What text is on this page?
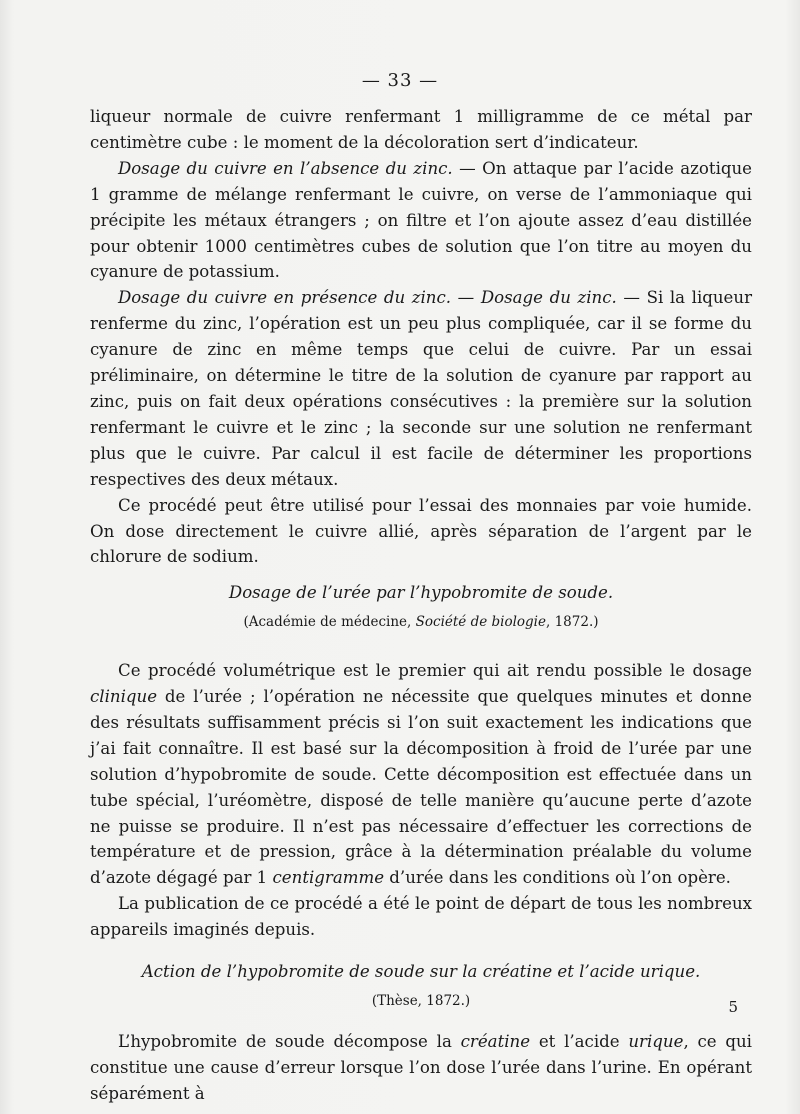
— 33 —

liqueur normale de cuivre renfermant 1 milligramme de ce métal par centimètre cube : le moment de la décoloration sert d’indicateur.

Dosage du cuivre en l’absence du zinc. — On attaque par l’acide azotique 1 gramme de mélange renfermant le cuivre, on verse de l’ammoniaque qui précipite les métaux étrangers ; on filtre et l’on ajoute assez d’eau distillée pour obtenir 1000 centimètres cubes de solution que l’on titre au moyen du cyanure de potassium.

Dosage du cuivre en présence du zinc. — Dosage du zinc. — Si la liqueur renferme du zinc, l’opération est un peu plus compliquée, car il se forme du cyanure de zinc en même temps que celui de cuivre. Par un essai préliminaire, on détermine le titre de la solution de cyanure par rapport au zinc, puis on fait deux opérations consécutives : la première sur la solution renfermant le cuivre et le zinc ; la seconde sur une solution ne renfermant plus que le cuivre. Par calcul il est facile de déterminer les proportions respectives des deux métaux.

Ce procédé peut être utilisé pour l’essai des monnaies par voie humide. On dose directement le cuivre allié, après séparation de l’argent par le chlorure de sodium.

Dosage de l’urée par l’hypobromite de soude.

(Académie de médecine, Société de biologie, 1872.)

Ce procédé volumétrique est le premier qui ait rendu possible le dosage clinique de l’urée ; l’opération ne nécessite que quelques minutes et donne des résultats suffisamment précis si l’on suit exactement les indications que j’ai fait connaître. Il est basé sur la décomposition à froid de l’urée par une solution d’hypobromite de soude. Cette décomposition est effectuée dans un tube spécial, l’uréomètre, disposé de telle manière qu’aucune perte d’azote ne puisse se produire. Il n’est pas nécessaire d’effectuer les corrections de température et de pression, grâce à la détermination préalable du volume d’azote dégagé par 1 centigramme d’urée dans les conditions où l’on opère.

La publication de ce procédé a été le point de départ de tous les nombreux appareils imaginés depuis.

Action de l’hypobromite de soude sur la créatine et l’acide urique.

(Thèse, 1872.)

L’hypobromite de soude décompose la créatine et l’acide urique, ce qui constitue une cause d’erreur lorsque l’on dose l’urée dans l’urine. En opérant séparément à

5
